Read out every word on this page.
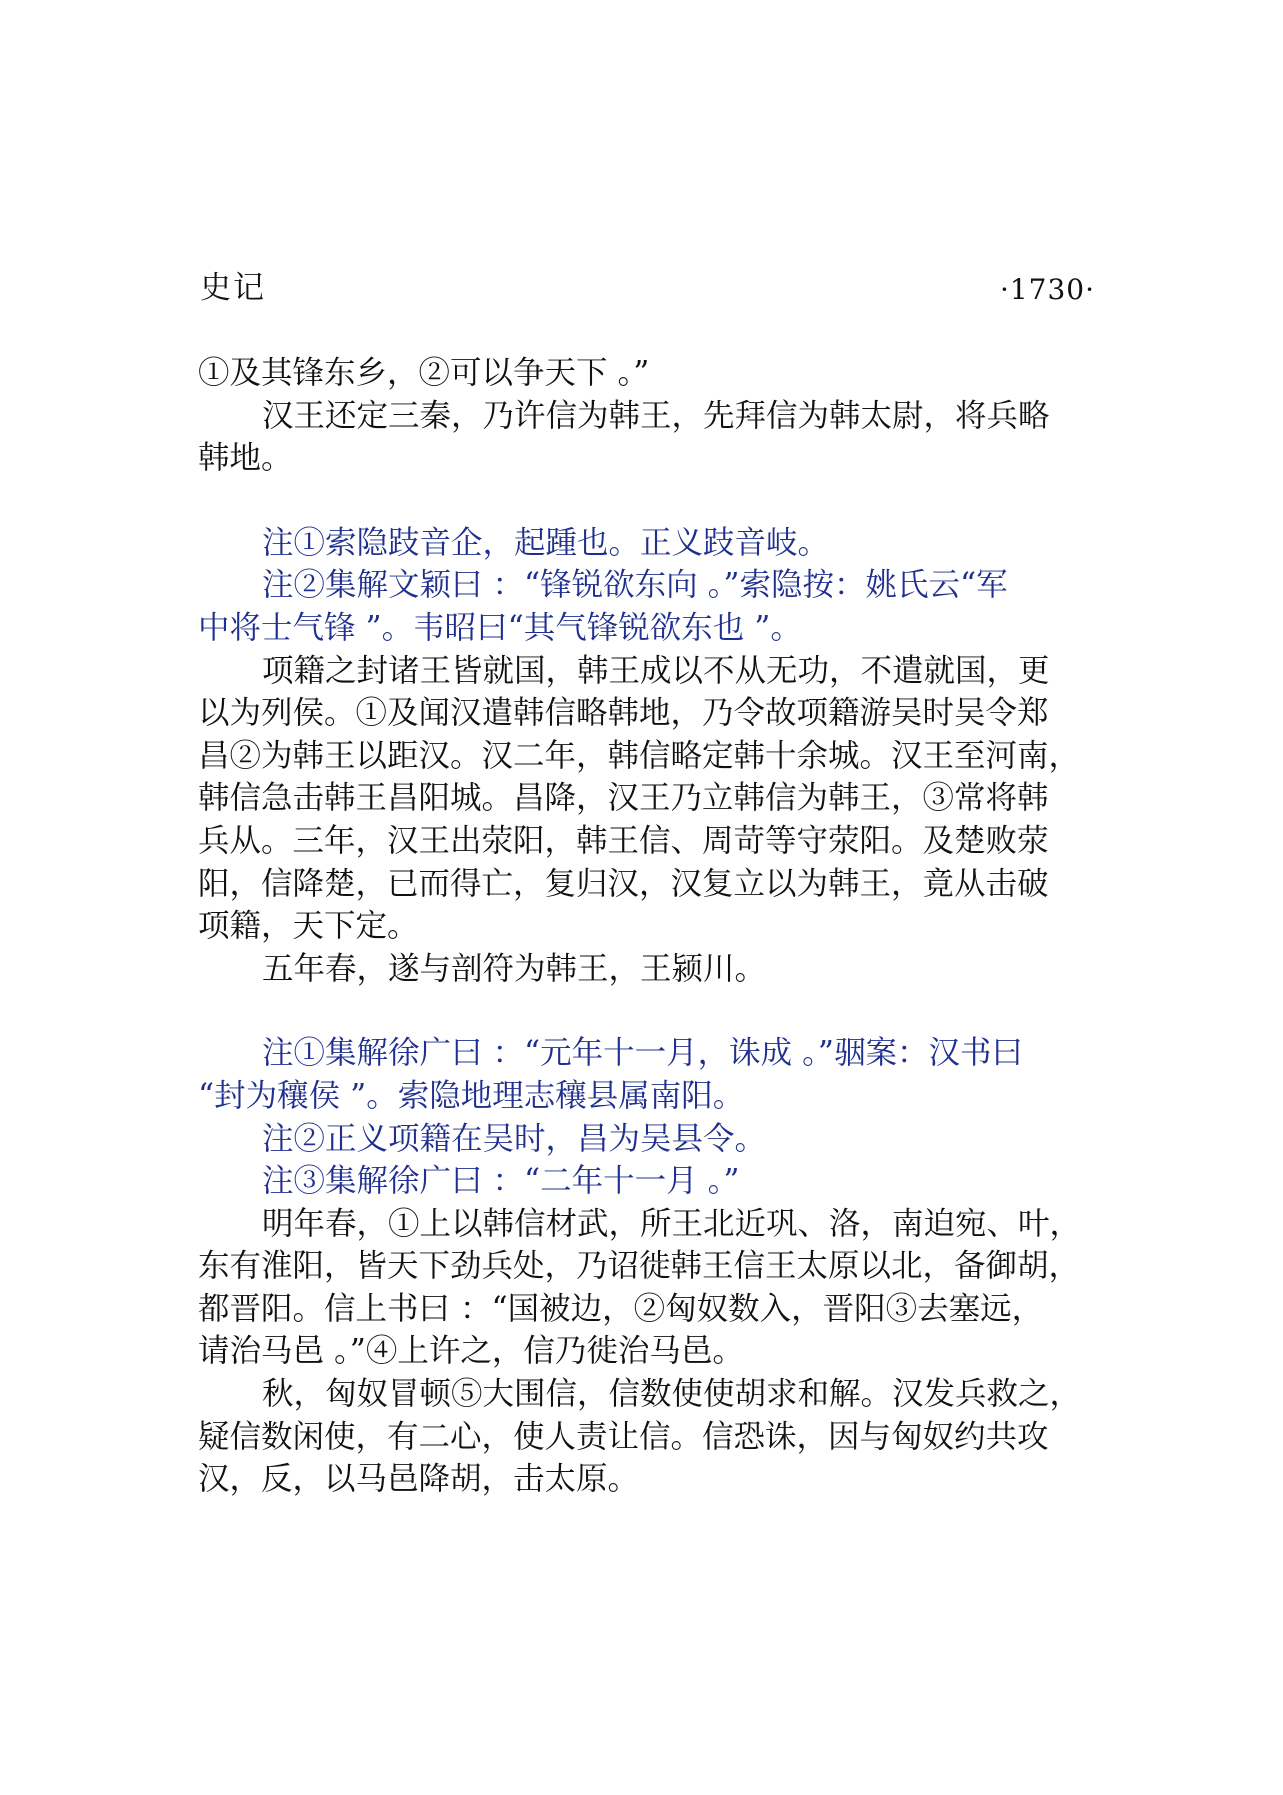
史记	·1730·

①及其锋东乡，②可以争天下 。”

汉王还定三秦，乃许信为韩王，先拜信为韩太尉，将兵略

韩地。

注①索隐跂音企，起踵也。正义跂音岐。

注②集解文颖曰 ：“锋锐欲东向 。”索隐按：姚氏云“军

中将士气锋 ”。韦昭曰“其气锋锐欲东也 ”。

项籍之封诸王皆就国，韩王成以不从无功，不遣就国，更

以为列侯。①及闻汉遣韩信略韩地，乃令故项籍游吴时吴令郑

昌②为韩王以距汉。汉二年，韩信略定韩十余城。汉王至河南，

韩信急击韩王昌阳城。昌降，汉王乃立韩信为韩王，③常将韩

兵从。三年，汉王出荥阳，韩王信、周苛等守荥阳。及楚败荥

阳，信降楚，已而得亡，复归汉，汉复立以为韩王，竟从击破

项籍，天下定。

五年春，遂与剖符为韩王，王颍川。

注①集解徐广曰 ：“元年十一月，诛成 。”骃案：汉书曰

“封为穰侯 ”。索隐地理志穰县属南阳。

注②正义项籍在吴时，昌为吴县令。

注③集解徐广曰 ：“二年十一月 。”

明年春，①上以韩信材武，所王北近巩、洛，南迫宛、叶，

东有淮阳，皆天下劲兵处，乃诏徙韩王信王太原以北，备御胡，

都晋阳。信上书曰 ：“国被边，②匈奴数入，晋阳③去塞远，

请治马邑 。”④上许之，信乃徙治马邑。

秋，匈奴冒顿⑤大围信，信数使使胡求和解。汉发兵救之，

疑信数闲使，有二心，使人责让信。信恐诛，因与匈奴约共攻

汉，反，以马邑降胡，击太原。
